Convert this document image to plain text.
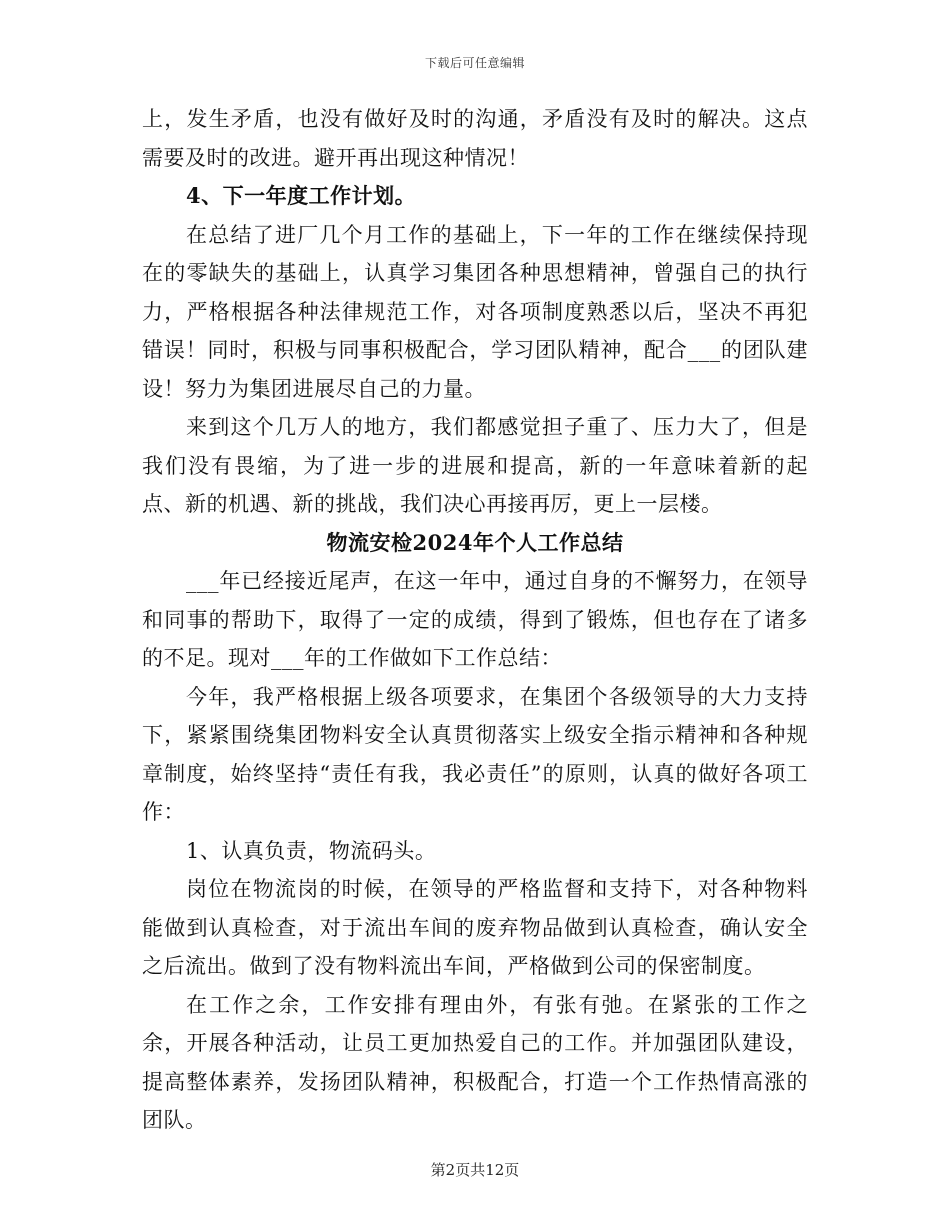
下载后可任意编辑

上，发生矛盾，也没有做好及时的沟通，矛盾没有及时的解决。这点需要及时的改进。避开再出现这种情况！

4、下一年度工作计划。

在总结了进厂几个月工作的基础上，下一年的工作在继续保持现在的零缺失的基础上，认真学习集团各种思想精神，曾强自己的执行力，严格根据各种法律规范工作，对各项制度熟悉以后，坚决不再犯错误！同时，积极与同事积极配合，学习团队精神，配合___的团队建设！努力为集团进展尽自己的力量。

来到这个几万人的地方，我们都感觉担子重了、压力大了，但是我们没有畏缩，为了进一步的进展和提高，新的一年意味着新的起点、新的机遇、新的挑战，我们决心再接再厉，更上一层楼。

物流安检2024年个人工作总结

___年已经接近尾声，在这一年中，通过自身的不懈努力，在领导和同事的帮助下，取得了一定的成绩，得到了锻炼，但也存在了诸多的不足。现对___年的工作做如下工作总结：

今年，我严格根据上级各项要求，在集团个各级领导的大力支持下，紧紧围绕集团物料安全认真贯彻落实上级安全指示精神和各种规章制度，始终坚持“责任有我，我必责任”的原则，认真的做好各项工作：

1、认真负责，物流码头。

岗位在物流岗的时候，在领导的严格监督和支持下，对各种物料能做到认真检查，对于流出车间的废弃物品做到认真检查，确认安全之后流出。做到了没有物料流出车间，严格做到公司的保密制度。

在工作之余，工作安排有理由外，有张有弛。在紧张的工作之余，开展各种活动，让员工更加热爱自己的工作。并加强团队建设，提高整体素养，发扬团队精神，积极配合，打造一个工作热情高涨的团队。

第2页共12页
